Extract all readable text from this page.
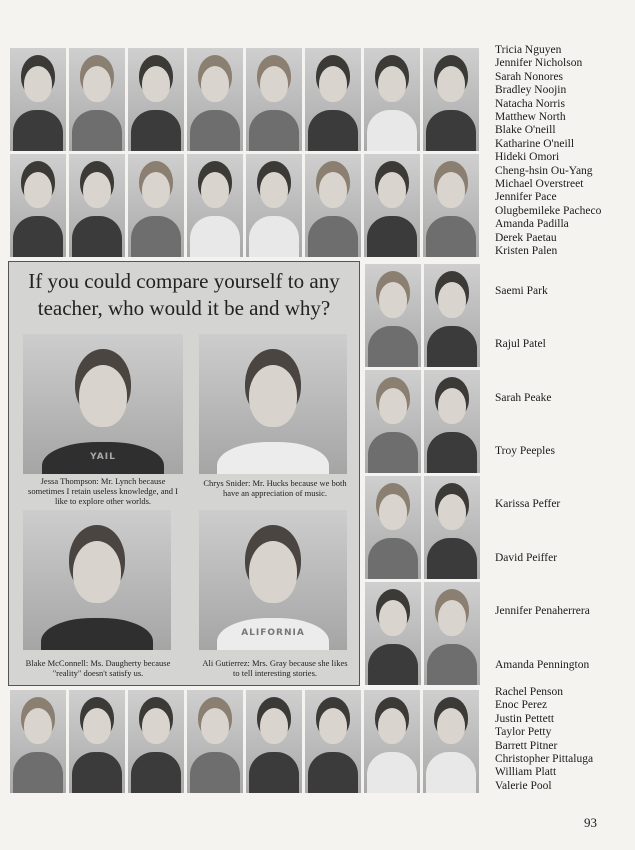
Tricia Nguyen
Jennifer Nicholson
Sarah Nonores
Bradley Noojin
Natacha Norris
Matthew North
Blake O'neill
Katharine O'neill
Hideki Omori
Cheng-hsin Ou-Yang
Michael Overstreet
Jennifer Pace
Olugbemileke Pacheco
Amanda Padilla
Derek Paetau
Kristen Palen
If you could compare yourself to any
teacher, who would it be and why?
YAIL
Jessa Thompson: Mr. Lynch because sometimes I retain useless knowledge, and I like to explore other worlds.
Chrys Snider: Mr. Hucks because we both have an appreciation of music.
Blake McConnell: Ms. Daugherty because "reality" doesn't satisfy us.
ALIFORNIA
Ali Gutierrez: Mrs. Gray because she likes to tell interesting stories.
Saemi Park
Rajul Patel
Sarah Peake
Troy Peeples
Karissa Peffer
David Peiffer
Jennifer Penaherrera
Amanda Pennington
Rachel Penson
Enoc Perez
Justin Pettett
Taylor Petty
Barrett Pitner
Christopher Pittaluga
William Platt
Valerie Pool
93
